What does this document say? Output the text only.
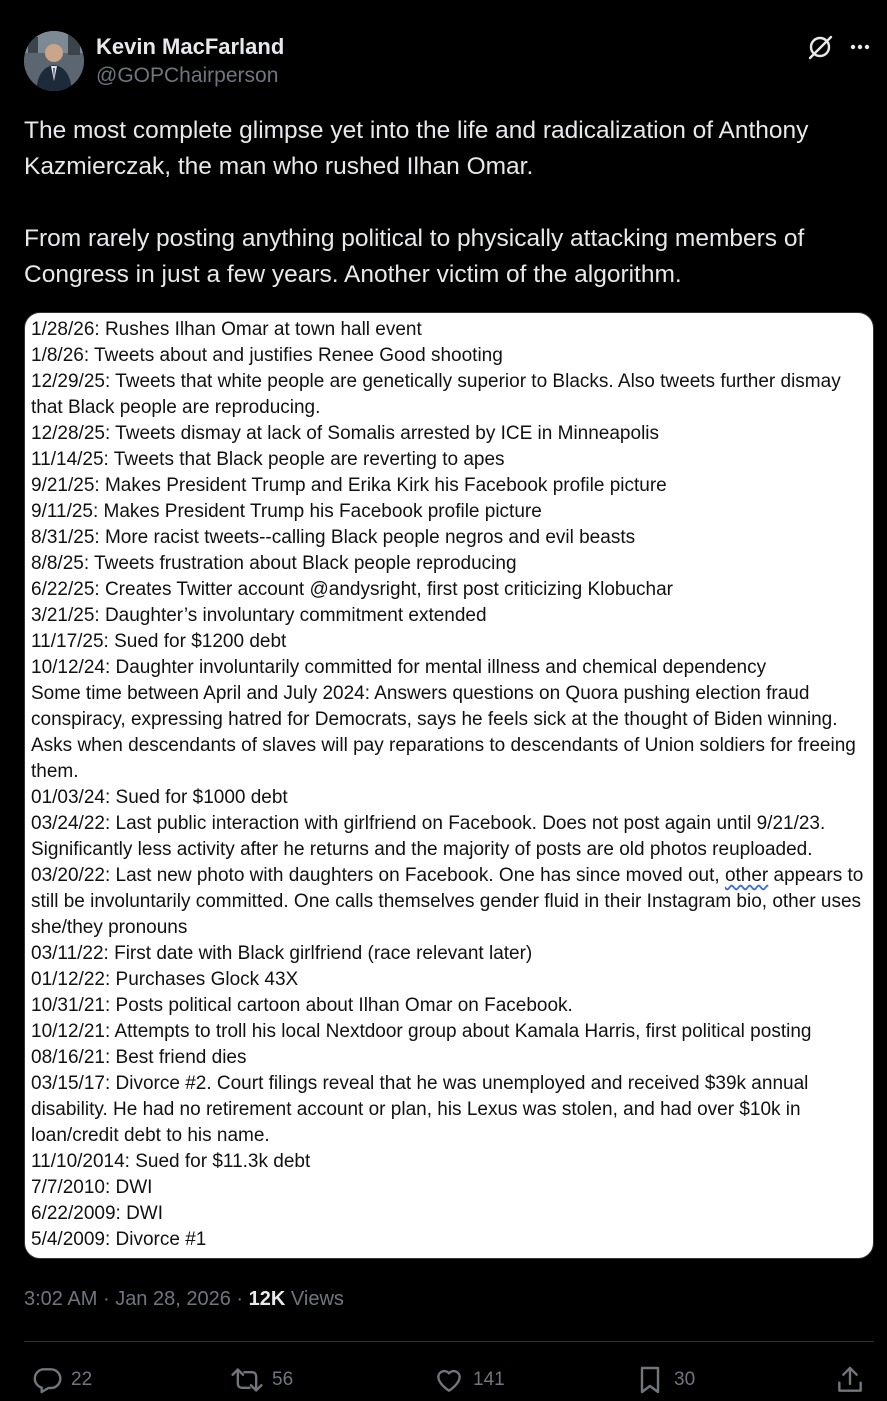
Kevin MacFarland
@GOPChairperson

The most complete glimpse yet into the life and radicalization of Anthony Kazmierczak, the man who rushed Ilhan Omar.

From rarely posting anything political to physically attacking members of Congress in just a few years. Another victim of the algorithm.

1/28/26: Rushes Ilhan Omar at town hall event
1/8/26: Tweets about and justifies Renee Good shooting
12/29/25: Tweets that white people are genetically superior to Blacks. Also tweets further dismay that Black people are reproducing.
12/28/25: Tweets dismay at lack of Somalis arrested by ICE in Minneapolis
11/14/25: Tweets that Black people are reverting to apes
9/21/25: Makes President Trump and Erika Kirk his Facebook profile picture
9/11/25: Makes President Trump his Facebook profile picture
8/31/25: More racist tweets--calling Black people negros and evil beasts
8/8/25: Tweets frustration about Black people reproducing
6/22/25: Creates Twitter account @andysright, first post criticizing Klobuchar
3/21/25: Daughter’s involuntary commitment extended
11/17/25: Sued for $1200 debt
10/12/24: Daughter involuntarily committed for mental illness and chemical dependency
Some time between April and July 2024: Answers questions on Quora pushing election fraud conspiracy, expressing hatred for Democrats, says he feels sick at the thought of Biden winning. Asks when descendants of slaves will pay reparations to descendants of Union soldiers for freeing them.
01/03/24: Sued for $1000 debt
03/24/22: Last public interaction with girlfriend on Facebook. Does not post again until 9/21/23. Significantly less activity after he returns and the majority of posts are old photos reuploaded.
03/20/22: Last new photo with daughters on Facebook. One has since moved out, other appears to still be involuntarily committed. One calls themselves gender fluid in their Instagram bio, other uses she/they pronouns
03/11/22: First date with Black girlfriend (race relevant later)
01/12/22: Purchases Glock 43X
10/31/21: Posts political cartoon about Ilhan Omar on Facebook.
10/12/21: Attempts to troll his local Nextdoor group about Kamala Harris, first political posting
08/16/21: Best friend dies
03/15/17: Divorce #2. Court filings reveal that he was unemployed and received $39k annual disability. He had no retirement account or plan, his Lexus was stolen, and had over $10k in loan/credit debt to his name.
11/10/2014: Sued for $11.3k debt
7/7/2010: DWI
6/22/2009: DWI
5/4/2009: Divorce #1
3:02 AM · Jan 28, 2026 · 12K Views
22	56	141	30
